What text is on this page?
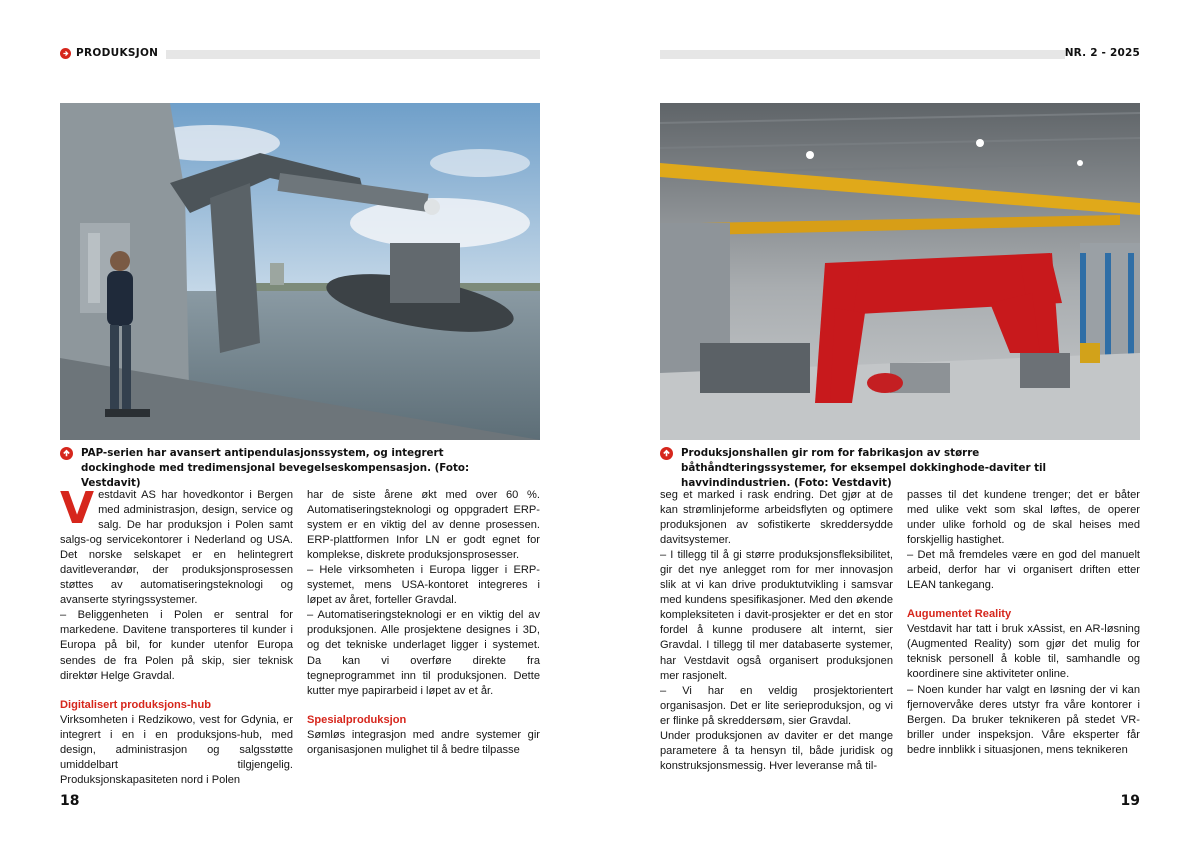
PRODUKSJON
PAP-serien har avansert antipendulasjonssystem, og integrert dockinghode med tredimensjonal bevegelseskompensasjon. (Foto: Vestdavit)
V estdavit AS har hovedkontor i Bergen med administrasjon, design, service og salg. De har produksjon i Polen samt salgs-og servicekontorer i Nederland og USA. Det norske selskapet er en helintegrert davitleverandør, der produksjonsprosessen støttes av automatiseringsteknologi og avanserte styringssystemer.

– Beliggenheten i Polen er sentral for markedene. Davitene transporteres til kunder i Europa på bil, for kunder utenfor Europa sendes de fra Polen på skip, sier teknisk direktør Helge Gravdal.

Digitalisert produksjons-hub

Virksomheten i Redzikowo, vest for Gdynia, er integrert i en i en produksjons-hub, med design, administrasjon og salgsstøtte umiddelbart tilgjengelig. Produksjonskapasiteten nord i Polen

har de siste årene økt med over 60 %. Automatiseringsteknologi og oppgradert ERP-system er en viktig del av denne prosessen. ERP-plattformen Infor LN er godt egnet for komplekse, diskrete produksjonsprosesser.

– Hele virksomheten i Europa ligger i ERP-systemet, mens USA-kontoret integreres i løpet av året, forteller Gravdal.

– Automatiseringsteknologi er en viktig del av produksjonen. Alle prosjektene designes i 3D, og det tekniske underlaget ligger i systemet. Da kan vi overføre direkte fra tegneprogrammet inn til produksjonen. Dette kutter mye papirarbeid i løpet av et år.

Spesialproduksjon

Sømløs integrasjon med andre systemer gir organisasjonen mulighet til å bedre tilpasse

18
NR. 2 - 2025
Produksjonshallen gir rom for fabrikasjon av større båthåndteringssystemer, for eksempel dokkinghode-daviter til havvindindustrien. (Foto: Vestdavit)

seg et marked i rask endring. Det gjør at de kan strømlinjeforme arbeidsflyten og optimere produksjonen av sofistikerte skreddersydde davitsystemer.

– I tillegg til å gi større produksjonsfleksibilitet, gir det nye anlegget rom for mer innovasjon slik at vi kan drive produktutvikling i samsvar med kundens spesifikasjoner. Med den økende kompleksiteten i davit-prosjekter er det en stor fordel å kunne produsere alt internt, sier Gravdal. I tillegg til mer databaserte systemer, har Vestdavit også organisert produksjonen mer rasjonelt.

– Vi har en veldig prosjektorientert organisasjon. Det er lite serieproduksjon, og vi er flinke på skreddersøm, sier Gravdal.

Under produksjonen av daviter er det mange parametere å ta hensyn til, både juridisk og konstruksjonsmessig. Hver leveranse må til-

passes til det kundene trenger; det er båter med ulike vekt som skal løftes, de operer under ulike forhold og de skal heises med forskjellig hastighet.

– Det må fremdeles være en god del manuelt arbeid, derfor har vi organisert driften etter LEAN tankegang.

Augumentet Reality

Vestdavit har tatt i bruk xAssist, en AR-løsning (Augmented Reality) som gjør det mulig for teknisk personell å koble til, samhandle og koordinere sine aktiviteter online.

– Noen kunder har valgt en løsning der vi kan fjernovervåke deres utstyr fra våre kontorer i Bergen. Da bruker teknikeren på stedet VR-briller under inspeksjon. Våre eksperter får bedre innblikk i situasjonen, mens teknikeren

19
